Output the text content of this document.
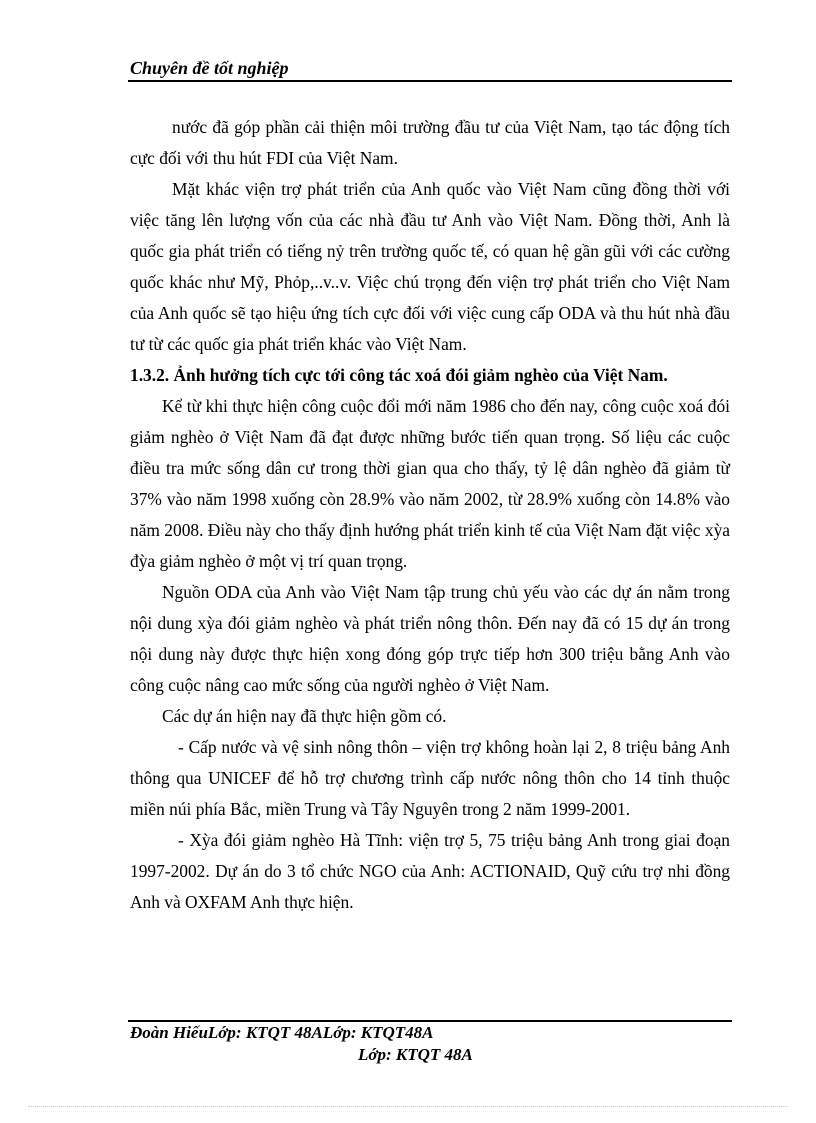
Chuyên đề tốt nghiệp

nước đã góp phần cải thiện môi trường đầu tư của Việt Nam, tạo tác động tích cực đối với thu hút FDI của Việt Nam.

Mặt khác viện trợ phát triển của Anh quốc vào Việt Nam cũng đồng thời với việc tăng lên lượng vốn của các nhà đầu tư Anh vào Việt Nam. Đồng thời, Anh là quốc gia phát triển có tiếng nỷ trên trường quốc tế, có quan hệ gần gũi với các cường quốc khác như Mỹ, Phỏp,..v..v. Việc chú trọng đến viện trợ phát triển cho Việt Nam của Anh quốc sẽ tạo hiệu ứng tích cực đối với việc cung cấp ODA và thu hút nhà đầu tư từ các quốc gia phát triển khác vào Việt Nam.

1.3.2. Ảnh hưởng tích cực tới công tác xoá đói giảm nghèo của Việt Nam.

Kể từ khi thực hiện công cuộc đổi mới năm 1986 cho đến nay, công cuộc xoá đói giảm nghèo ở Việt Nam đã đạt được những bước tiến quan trọng. Số liệu các cuộc điều tra mức sống dân cư trong thời gian qua cho thấy, tỷ lệ dân nghèo đã giảm từ 37% vào năm 1998 xuống còn 28.9% vào năm 2002, từ 28.9% xuống còn 14.8% vào năm 2008. Điều này cho thấy định hướng phát triển kinh tế của Việt Nam đặt việc xỳa đỳa giảm nghèo ở một vị trí quan trọng.

Nguồn ODA của Anh vào Việt Nam tập trung chủ yếu vào các dự án nằm trong nội dung xỳa đói giảm nghèo và phát triển nông thôn. Đến nay đã có 15 dự án trong nội dung này được thực hiện xong đóng góp trực tiếp hơn 300 triệu bằng Anh vào công cuộc nâng cao mức sống của người nghèo ở Việt Nam.

Các dự án hiện nay đã thực hiện gồm có.

- Cấp nước và vệ sinh nông thôn – viện trợ không hoàn lại 2, 8 triệu bảng Anh thông qua UNICEF để hỗ trợ chương trình cấp nước nông thôn cho 14 tỉnh thuộc miền núi phía Bắc, miền Trung và Tây Nguyên trong 2 năm 1999-2001.

- Xỳa đói giảm nghèo Hà Tĩnh: viện trợ 5, 75 triệu bảng Anh trong giai đoạn 1997-2002. Dự án do 3 tổ chức NGO của Anh: ACTIONAID, Quỹ cứu trợ nhi đồng Anh và OXFAM Anh thực hiện.

Đoàn HiếuLớp: KTQT 48ALớp: KTQT48A
Lớp: KTQT 48A
